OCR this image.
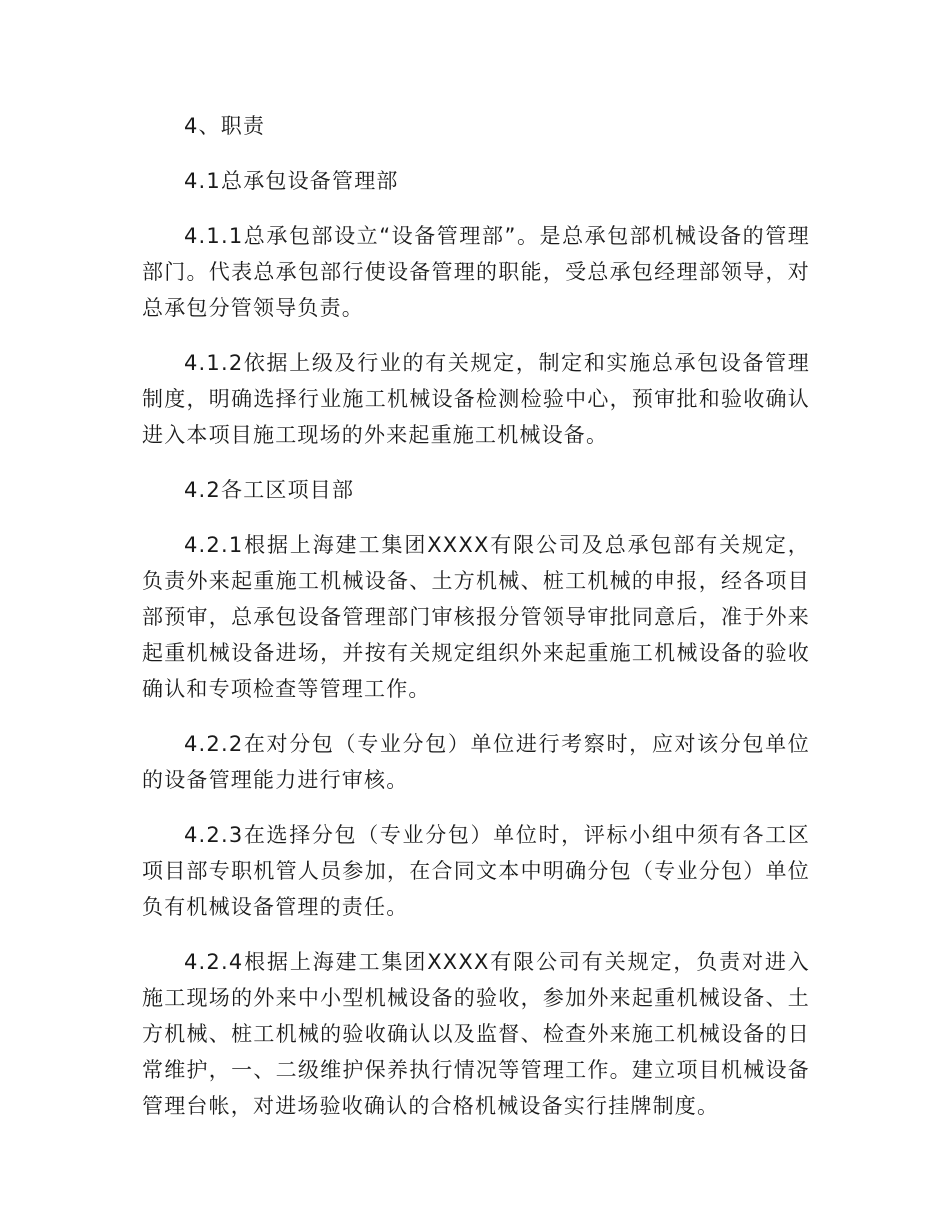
4、职责

4.1总承包设备管理部

4.1.1总承包部设立“设备管理部”。是总承包部机械设备的管理部门。代表总承包部行使设备管理的职能，受总承包经理部领导，对总承包分管领导负责。

4.1.2依据上级及行业的有关规定，制定和实施总承包设备管理制度，明确选择行业施工机械设备检测检验中心，预审批和验收确认进入本项目施工现场的外来起重施工机械设备。

4.2各工区项目部

4.2.1根据上海建工集团XXXX有限公司及总承包部有关规定，负责外来起重施工机械设备、土方机械、桩工机械的申报，经各项目部预审，总承包设备管理部门审核报分管领导审批同意后，准于外来起重机械设备进场，并按有关规定组织外来起重施工机械设备的验收确认和专项检查等管理工作。

4.2.2在对分包（专业分包）单位进行考察时，应对该分包单位的设备管理能力进行审核。

4.2.3在选择分包（专业分包）单位时，评标小组中须有各工区项目部专职机管人员参加，在合同文本中明确分包（专业分包）单位负有机械设备管理的责任。

4.2.4根据上海建工集团XXXX有限公司有关规定，负责对进入施工现场的外来中小型机械设备的验收，参加外来起重机械设备、土方机械、桩工机械的验收确认以及监督、检查外来施工机械设备的日常维护，一、二级维护保养执行情况等管理工作。建立项目机械设备管理台帐，对进场验收确认的合格机械设备实行挂牌制度。
